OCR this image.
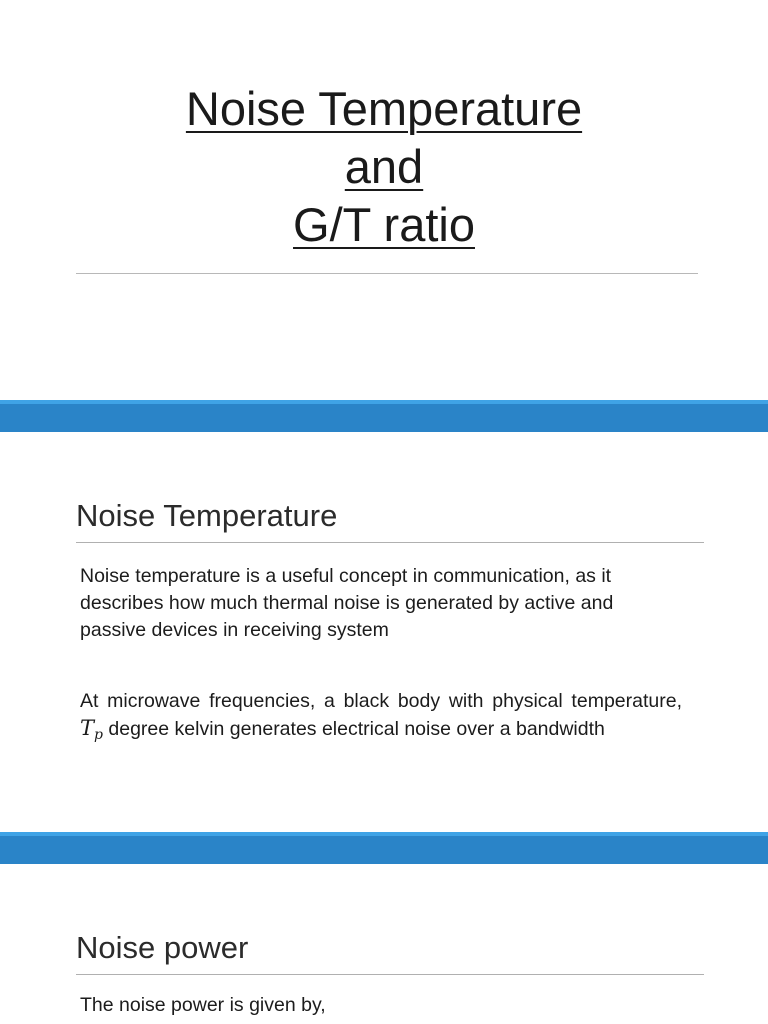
Noise Temperature
and
G/T ratio
Noise Temperature

Noise temperature is a useful concept in communication, as it describes how much thermal noise is generated by active and passive devices in receiving system

At microwave frequencies, a black body with physical temperature, $T_p$ degree kelvin generates electrical noise over a bandwidth

Noise power

The noise power is given by,
